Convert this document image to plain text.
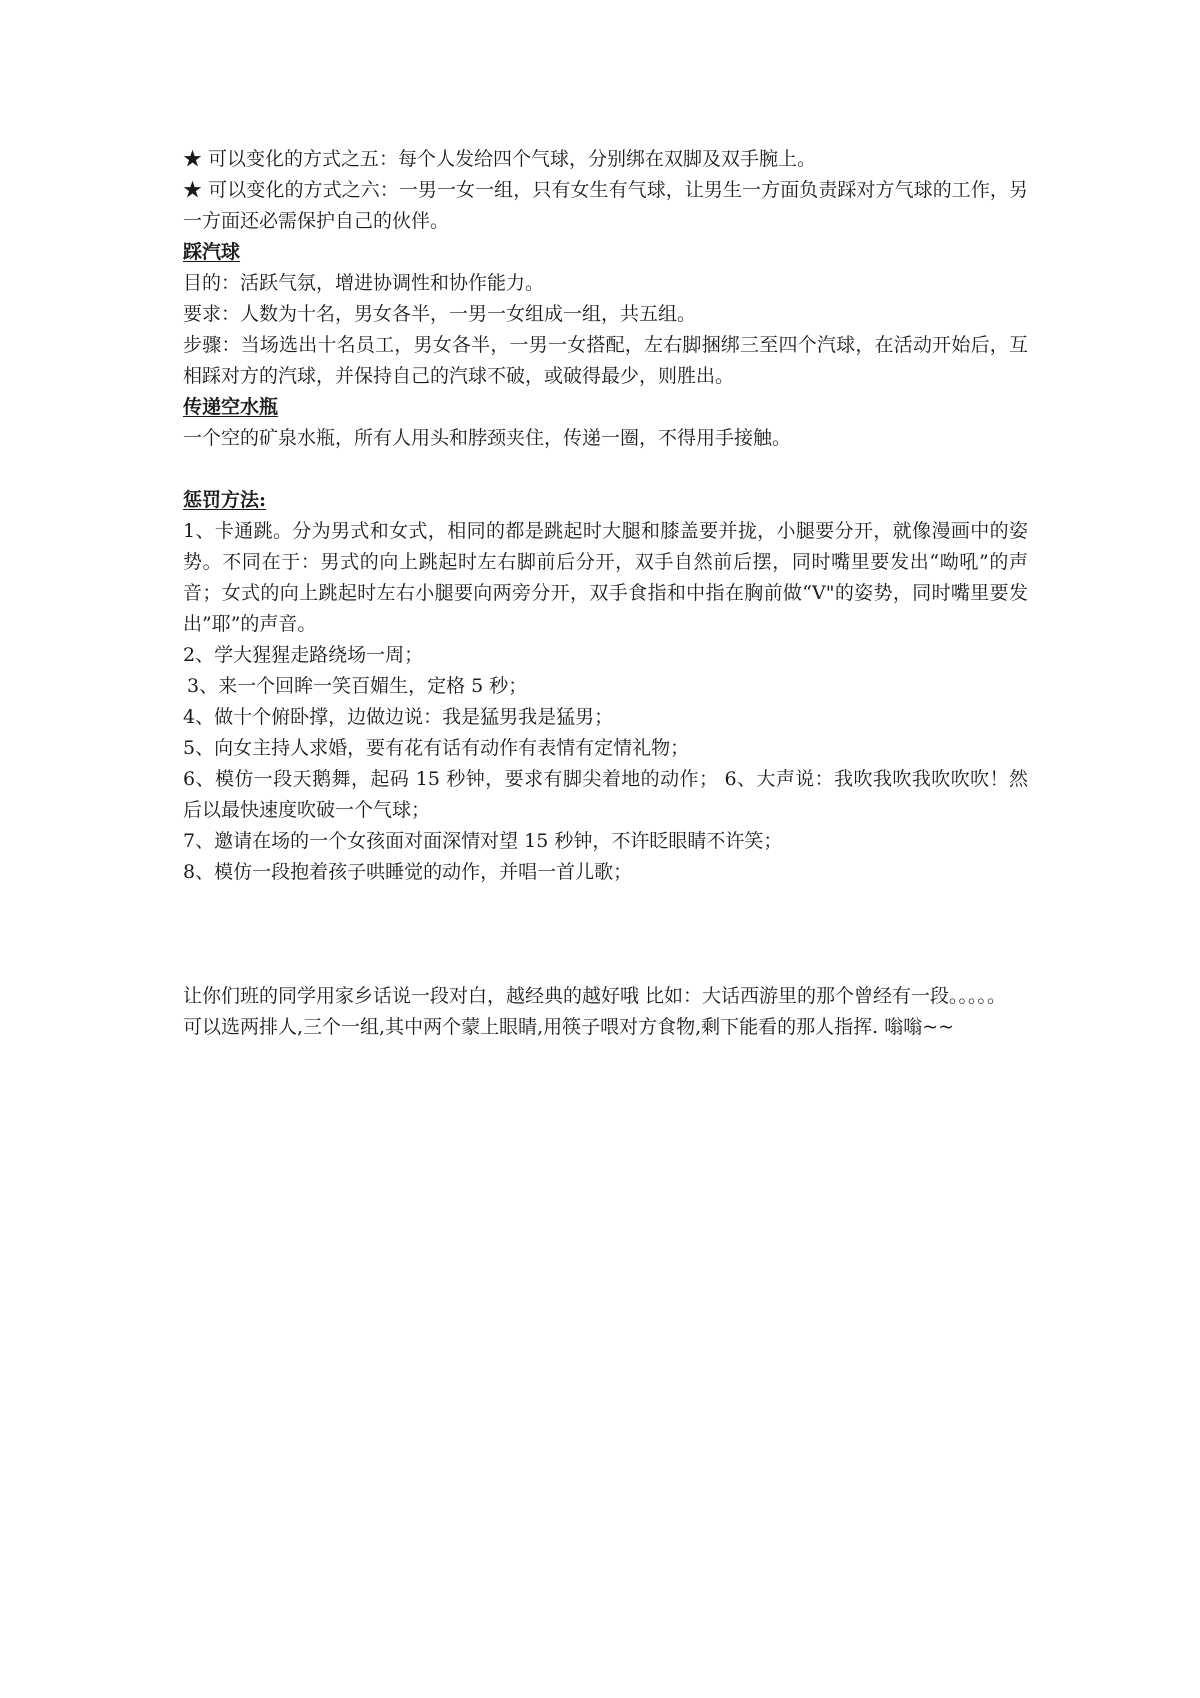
★ 可以变化的方式之五：每个人发给四个气球，分别绑在双脚及双手腕上。

★ 可以变化的方式之六：一男一女一组，只有女生有气球，让男生一方面负责踩对方气球的工作，另一方面还必需保护自己的伙伴。

踩汽球

目的：活跃气氛，增进协调性和协作能力。

要求：人数为十名，男女各半，一男一女组成一组，共五组。

步骤：当场选出十名员工，男女各半，一男一女搭配，左右脚捆绑三至四个汽球，在活动开始后，互相踩对方的汽球，并保持自己的汽球不破，或破得最少，则胜出。

传递空水瓶

一个空的矿泉水瓶，所有人用头和脖颈夹住，传递一圈，不得用手接触。

惩罚方法:

1、卡通跳。分为男式和女式，相同的都是跳起时大腿和膝盖要并拢，小腿要分开，就像漫画中的姿势。不同在于：男式的向上跳起时左右脚前后分开，双手自然前后摆，同时嘴里要发出“呦吼”的声音；女式的向上跳起时左右小腿要向两旁分开，双手食指和中指在胸前做“V"的姿势，同时嘴里要发出”耶”的声音。

2、学大猩猩走路绕场一周；

3、来一个回眸一笑百媚生，定格 5 秒；

4、做十个俯卧撑，边做边说：我是猛男我是猛男；

5、向女主持人求婚，要有花有话有动作有表情有定情礼物；

6、模仿一段天鹅舞，起码 15 秒钟，要求有脚尖着地的动作； 6、大声说：我吹我吹我吹吹吹！然后以最快速度吹破一个气球；

7、邀请在场的一个女孩面对面深情对望 15 秒钟，不许眨眼睛不许笑；

8、模仿一段抱着孩子哄睡觉的动作，并唱一首儿歌；

让你们班的同学用家乡话说一段对白，越经典的越好哦 比如：大话西游里的那个曾经有一段。。。。。

可以选两排人,三个一组,其中两个蒙上眼睛,用筷子喂对方食物,剩下能看的那人指挥. 嗡嗡~~
